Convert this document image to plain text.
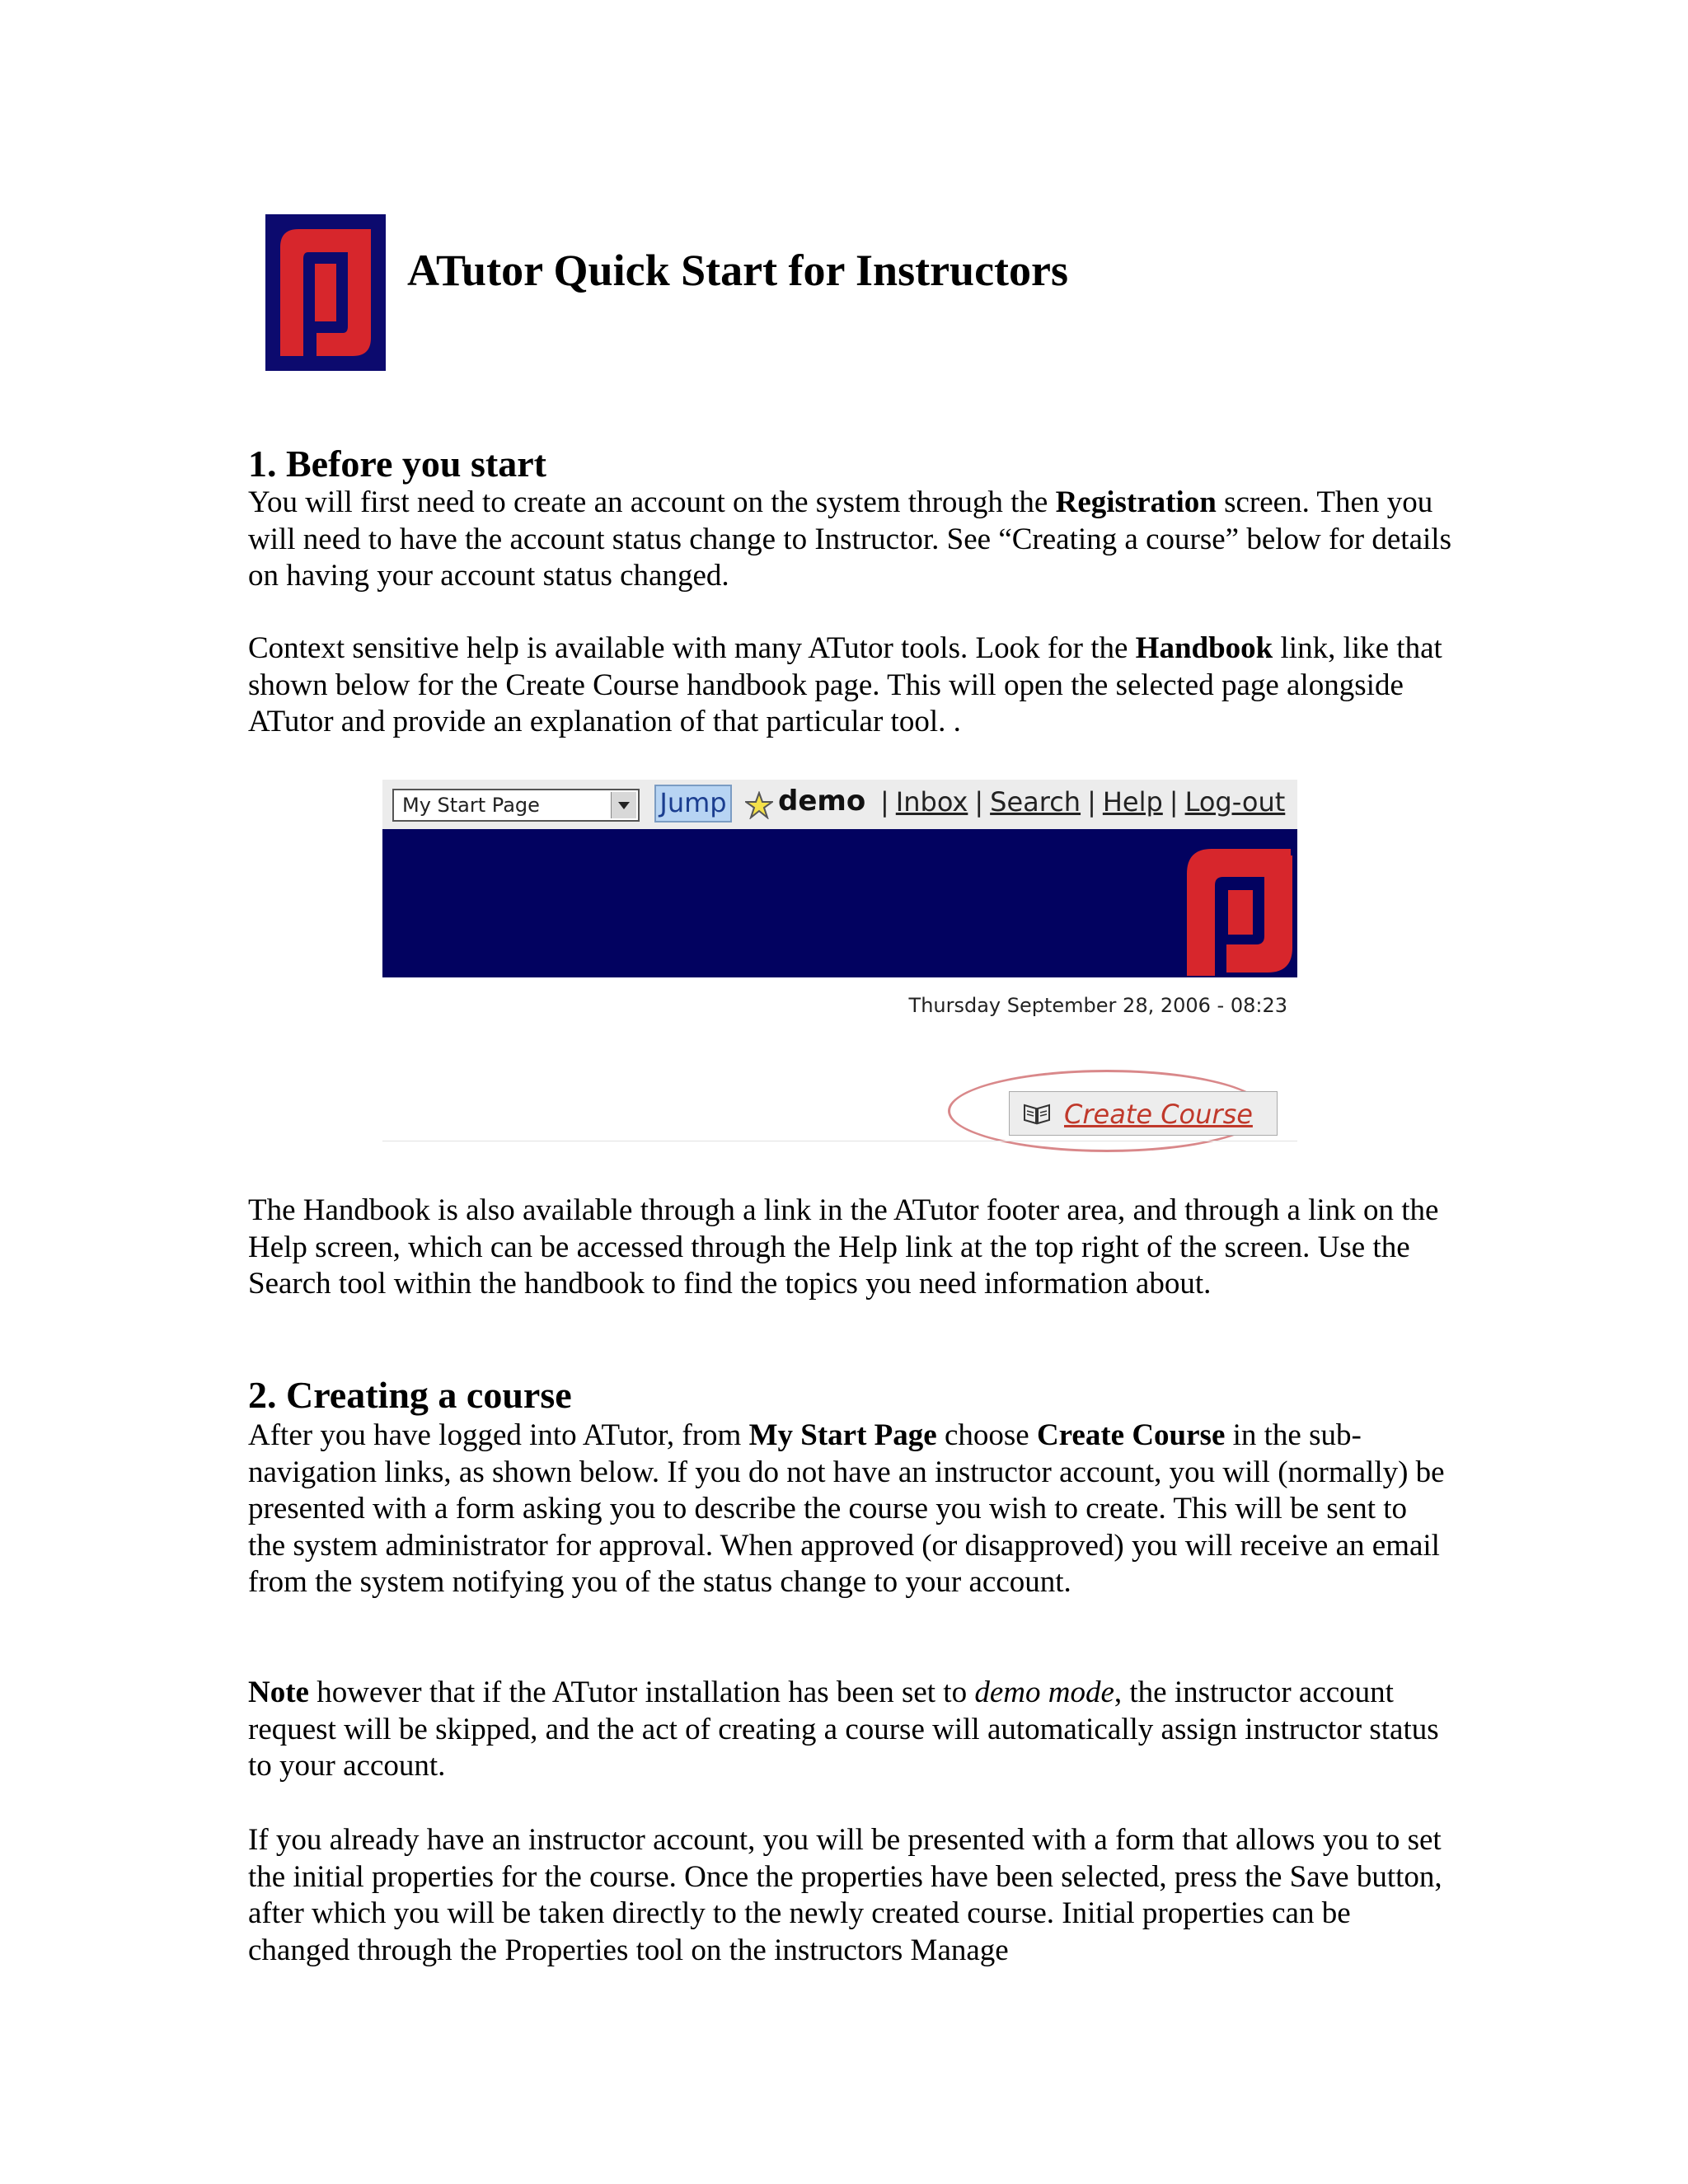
ATutor Quick Start for Instructors
1. Before you start

You will first need to create an account on the system through the Registration screen. Then you will need to have the account status change to Instructor. See “Creating a course” below for details on having your account status changed.

Context sensitive help is available with many ATutor tools. Look for the Handbook link, like that shown below for the Create Course handbook page. This will open the selected page alongside ATutor and provide an explanation of that particular tool. .

My Start Page	Jump demo | Inbox | Search | Help | Log-out
Thursday September 28, 2006 - 08:23
Create Course

The Handbook is also available through a link in the ATutor footer area, and through a link on the Help screen, which can be accessed through the Help link at the top right of the screen. Use the Search tool within the handbook to find the topics you need information about.

2. Creating a course

After you have logged into ATutor, from My Start Page choose Create Course in the sub-navigation links, as shown below. If you do not have an instructor account, you will (normally) be presented with a form asking you to describe the course you wish to create. This will be sent to the system administrator for approval. When approved (or disapproved) you will receive an email from the system notifying you of the status change to your account.

Note however that if the ATutor installation has been set to demo mode, the instructor account request will be skipped, and the act of creating a course will automatically assign instructor status to your account.

If you already have an instructor account, you will be presented with a form that allows you to set the initial properties for the course. Once the properties have been selected, press the Save button, after which you will be taken directly to the newly created course. Initial properties can be changed through the Properties tool on the instructors Manage
